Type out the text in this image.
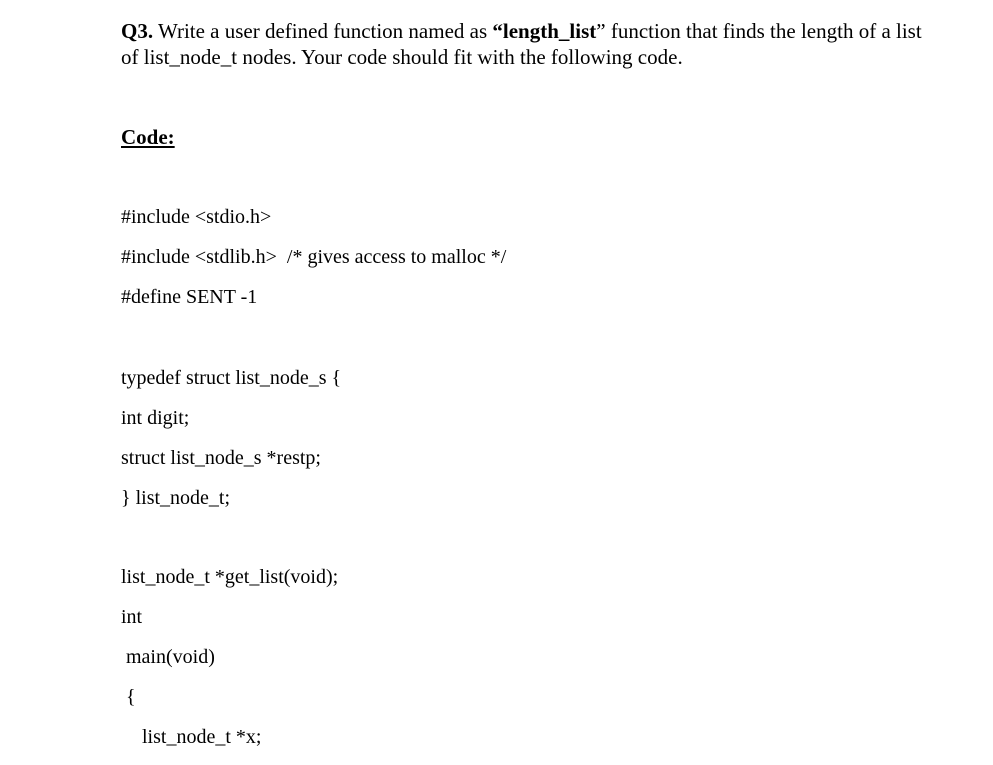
Q3. Write a user defined function named as “length_list” function that finds the length of a list
of list_node_t nodes. Your code should fit with the following code.
Code:
#include <stdio.h>
#include <stdlib.h> /* gives access to malloc */
#define SENT -1
typedef struct list_node_s {
int digit;
struct list_node_s *restp;
} list_node_t;
list_node_t *get_list(void);
int
main(void)
{
list_node_t *x;
